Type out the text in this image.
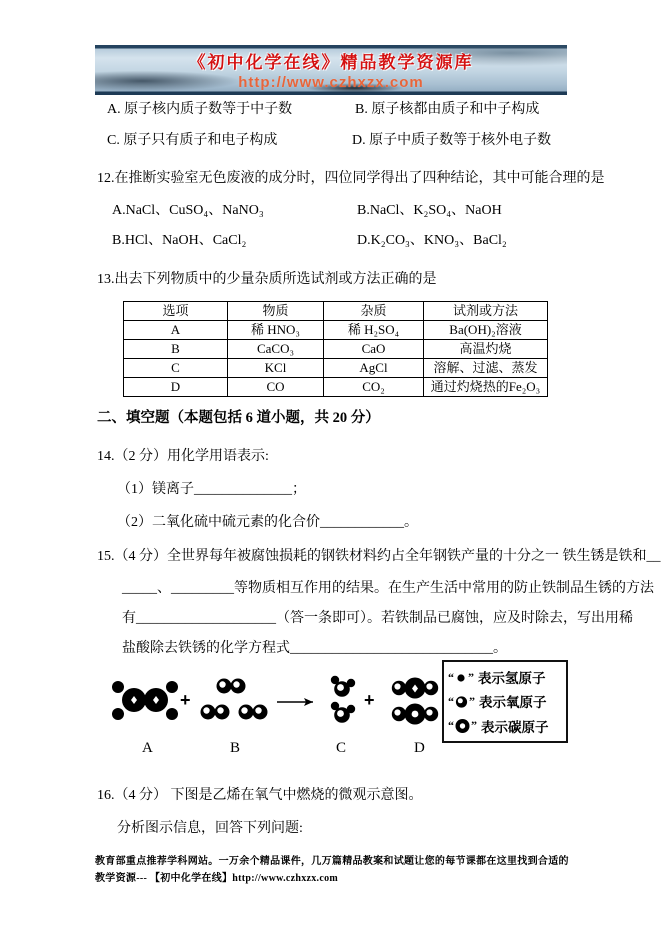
《初中化学在线》精品教学资源库
http://www.czhxzx.com
A. 原子核内质子数等于中子数	B. 原子核都由质子和中子构成
C. 原子只有质子和电子构成	D. 原子中质子数等于核外电子数
12.在推断实验室无色废液的成分时，四位同学得出了四种结论，其中可能合理的是
A.NaCl、CuSO₄、NaNO₃	B.NaCl、K₂SO₄、NaOH
B.HCl、NaOH、CaCl₂	D.K₂CO₃、KNO₃、BaCl₂
13.出去下列物质中的少量杂质所选试剂或方法正确的是
选项	物质	杂质	试剂或方法
A	稀 HNO₃	稀 H₂SO₄	Ba(OH)₂溶液
B	CaCO₃	CaO	高温灼烧
C	KCl	AgCl	溶解、过滤、蒸发
D	CO	CO₂	通过灼烧热的Fe₂O₃
二、填空题（本题包括 6 道小题，共 20 分）
14.（2 分）用化学用语表示:
（1）镁离子______________；
（2）二氧化硫中硫元素的化合价____________。
15.（4 分）全世界每年被腐蚀损耗的钢铁材料约占全年钢铁产量的十分之一 铁生锈是铁和__
_____、_________等物质相互作用的结果。在生产生活中常用的防止铁制品生锈的方法
有____________________（答一条即可）。若铁制品已腐蚀，应及时除去，写出用稀
盐酸除去铁锈的化学方程式_____________________________。
+	+
A	B	C	D
“ ” 表示氢原子
“ ” 表示氧原子
“ ” 表示碳原子
16.（4 分） 下图是乙烯在氧气中燃烧的微观示意图。
分析图示信息，回答下列问题:
教育部重点推荐学科网站。一万余个精品课件，几万篇精品教案和试题让您的每节课都在这里找到合适的
教学资源--- 【初中化学在线】http://www.czhxzx.com
